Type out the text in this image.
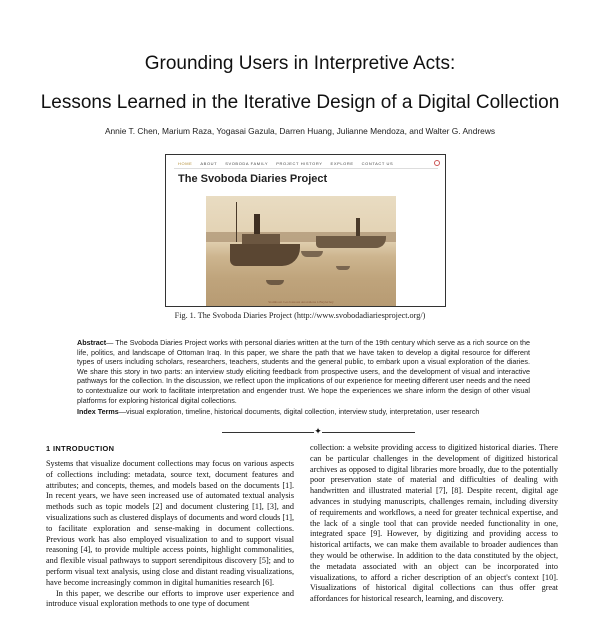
Grounding Users in Interpretive Acts:
Lessons Learned in the Iterative Design of a Digital Collection
Annie T. Chen, Marium Raza, Yogasai Gazula, Darren Huang, Julianne Mendoza, and Walter G. Andrews
HOME ABOUT SVOBODA FAMILY PROJECT HISTORY EXPLORE CONTACT US
The Svoboda Diaries Project
Stamboul. Les bateaux Anatoliens à Beylerbey
Fig. 1. The Svoboda Diaries Project (http://www.svobodadiariesproject.org/)
Abstract— The Svoboda Diaries Project works with personal diaries written at the turn of the 19th century which serve as a rich source on the life, politics, and landscape of Ottoman Iraq. In this paper, we share the path that we have taken to develop a digital resource for different types of users including scholars, researchers, teachers, students and the general public, to embark upon a visual exploration of the diaries. We share this story in two parts: an interview study eliciting feedback from prospective users, and the development of visual and interactive pathways for the collection. In the discussion, we reflect upon the implications of our experience for meeting different user needs and the need to contextualize our work to facilitate interpretation and engender trust. We hope the experiences we share inform the design of other visual platforms for exploring historical digital collections.
Index Terms—visual exploration, timeline, historical documents, digital collection, interview study, interpretation, user research
✦
1 INTRODUCTION

Systems that visualize document collections may focus on various aspects of collections including: metadata, source text, document features and attributes; and concepts, themes, and models based on the documents [1]. In recent years, we have seen increased use of automated textual analysis methods such as topic models [2] and document clustering [1], [3], and visualizations such as clustered displays of documents and word clouds [1], to facilitate exploration and sense-making in document collections. Previous work has also employed visualization to and to support visual reasoning [4], to provide multiple access points, highlight commonalities, and flexible visual pathways to support serendipitous discovery [5]; and to perform visual text analysis, using close and distant reading visualizations, have become increasingly common in digital humanities research [6].

In this paper, we describe our efforts to improve user experience and introduce visual exploration methods to one type of document

collection: a website providing access to digitized historical diaries. There can be particular challenges in the development of digitized historical archives as opposed to digital libraries more broadly, due to the potentially poor preservation state of material and difficulties of dealing with handwritten and illustrated material [7], [8]. Despite recent, digital age advances in studying manuscripts, challenges remain, including diversity of requirements and workflows, a need for greater technical expertise, and the lack of a single tool that can provide needed functionality in one, integrated space [9]. However, by digitizing and providing access to historical artifacts, we can make them available to broader audiences than they would be otherwise. In addition to the data constituted by the object, the metadata associated with an object can be incorporated into visualizations, to afford a richer description of an object's context [10]. Visualizations of historical digital collections can thus offer great affordances for historical research, learning, and discovery.
